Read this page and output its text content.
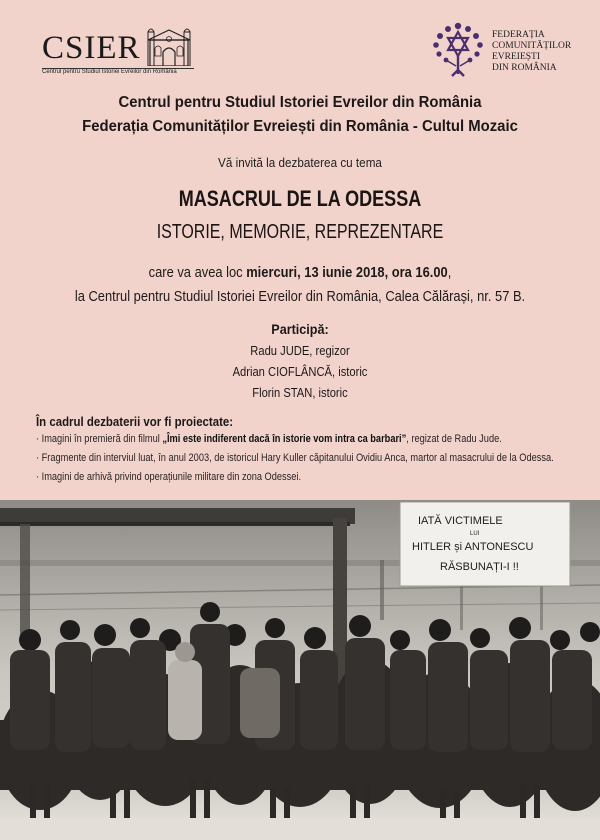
CSIER
Centrul pentru Studiul Istoriei Evreilor din România
FEDERAȚIA
COMUNITĂȚILOR
EVREIEȘTI
DIN ROMÂNIA
Centrul pentru Studiul Istoriei Evreilor din România
Federația Comunităților Evreiești din România - Cultul Mozaic
Vă invită la dezbaterea cu tema
MASACRUL DE LA ODESSA
ISTORIE, MEMORIE, REPREZENTARE
care va avea loc miercuri, 13 iunie 2018, ora 16.00,
la Centrul pentru Studiul Istoriei Evreilor din România, Calea Călărași, nr. 57 B.
Participă:
Radu JUDE, regizor
Adrian CIOFLÂNCĂ, istoric
Florin STAN, istoric
În cadrul dezbaterii vor fi proiectate:
· Imagini în premieră din filmul „Îmi este indiferent dacă în istorie vom intra ca barbari”, regizat de Radu Jude.
· Fragmente din interviul luat, în anul 2003, de istoricul Hary Kuller căpitanului Ovidiu Anca, martor al masacrului de la Odessa.
· Imagini de arhivă privind operațiunile militare din zona Odessei.
IATĂ VICTIMELE
LUI
HITLER și ANTONESCU
RĂSBUNAȚI-I !!
